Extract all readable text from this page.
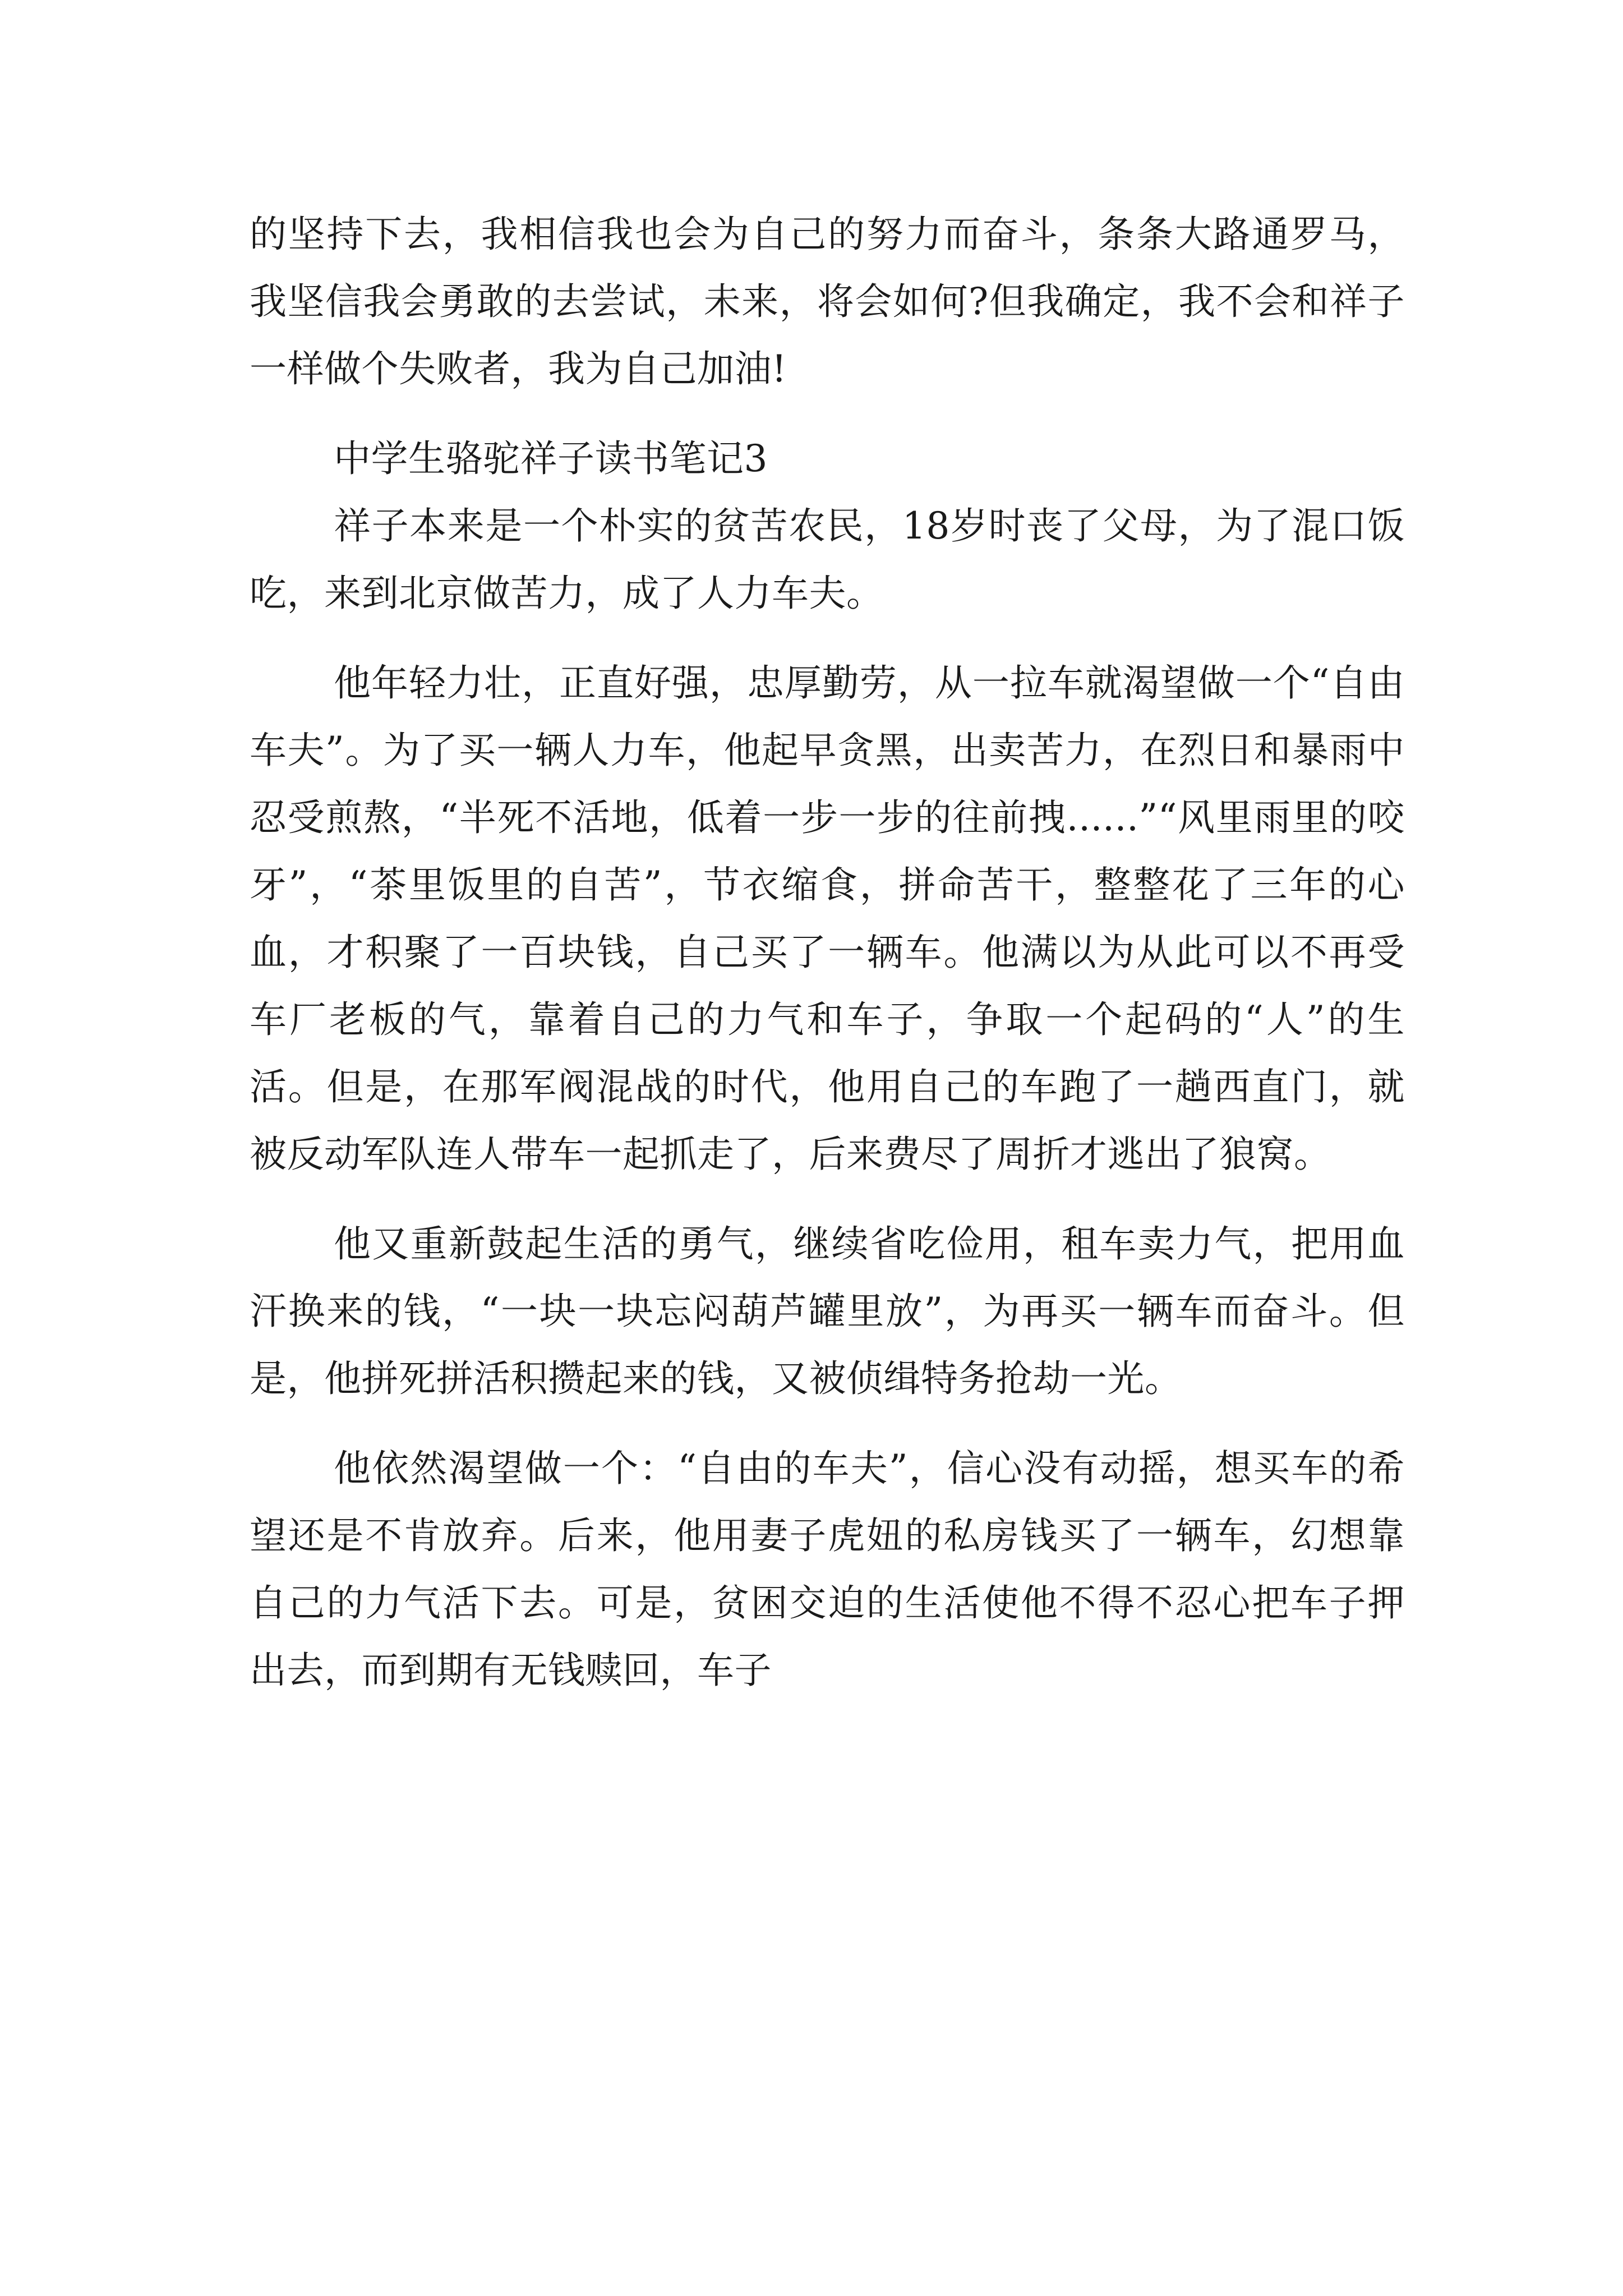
的坚持下去，我相信我也会为自己的努力而奋斗，条条大路通罗马，我坚信我会勇敢的去尝试，未来，将会如何?但我确定，我不会和祥子一样做个失败者，我为自己加油!

中学生骆驼祥子读书笔记3

祥子本来是一个朴实的贫苦农民，18岁时丧了父母，为了混口饭吃，来到北京做苦力，成了人力车夫。

他年轻力壮，正直好强，忠厚勤劳，从一拉车就渴望做一个“自由车夫”。为了买一辆人力车，他起早贪黑，出卖苦力，在烈日和暴雨中忍受煎熬，“半死不活地，低着一步一步的往前拽......”“风里雨里的咬牙”，“茶里饭里的自苦”，节衣缩食，拼命苦干，整整花了三年的心血，才积聚了一百块钱，自己买了一辆车。他满以为从此可以不再受车厂老板的气，靠着自己的力气和车子，争取一个起码的“人”的生活。但是，在那军阀混战的时代，他用自己的车跑了一趟西直门，就被反动军队连人带车一起抓走了，后来费尽了周折才逃出了狼窝。

他又重新鼓起生活的勇气，继续省吃俭用，租车卖力气，把用血汗换来的钱，“一块一块忘闷葫芦罐里放”，为再买一辆车而奋斗。但是，他拼死拼活积攒起来的钱，又被侦缉特务抢劫一光。

他依然渴望做一个：“自由的车夫”，信心没有动摇，想买车的希望还是不肯放弃。后来，他用妻子虎妞的私房钱买了一辆车，幻想靠自己的力气活下去。可是，贫困交迫的生活使他不得不忍心把车子押出去，而到期有无钱赎回，车子
